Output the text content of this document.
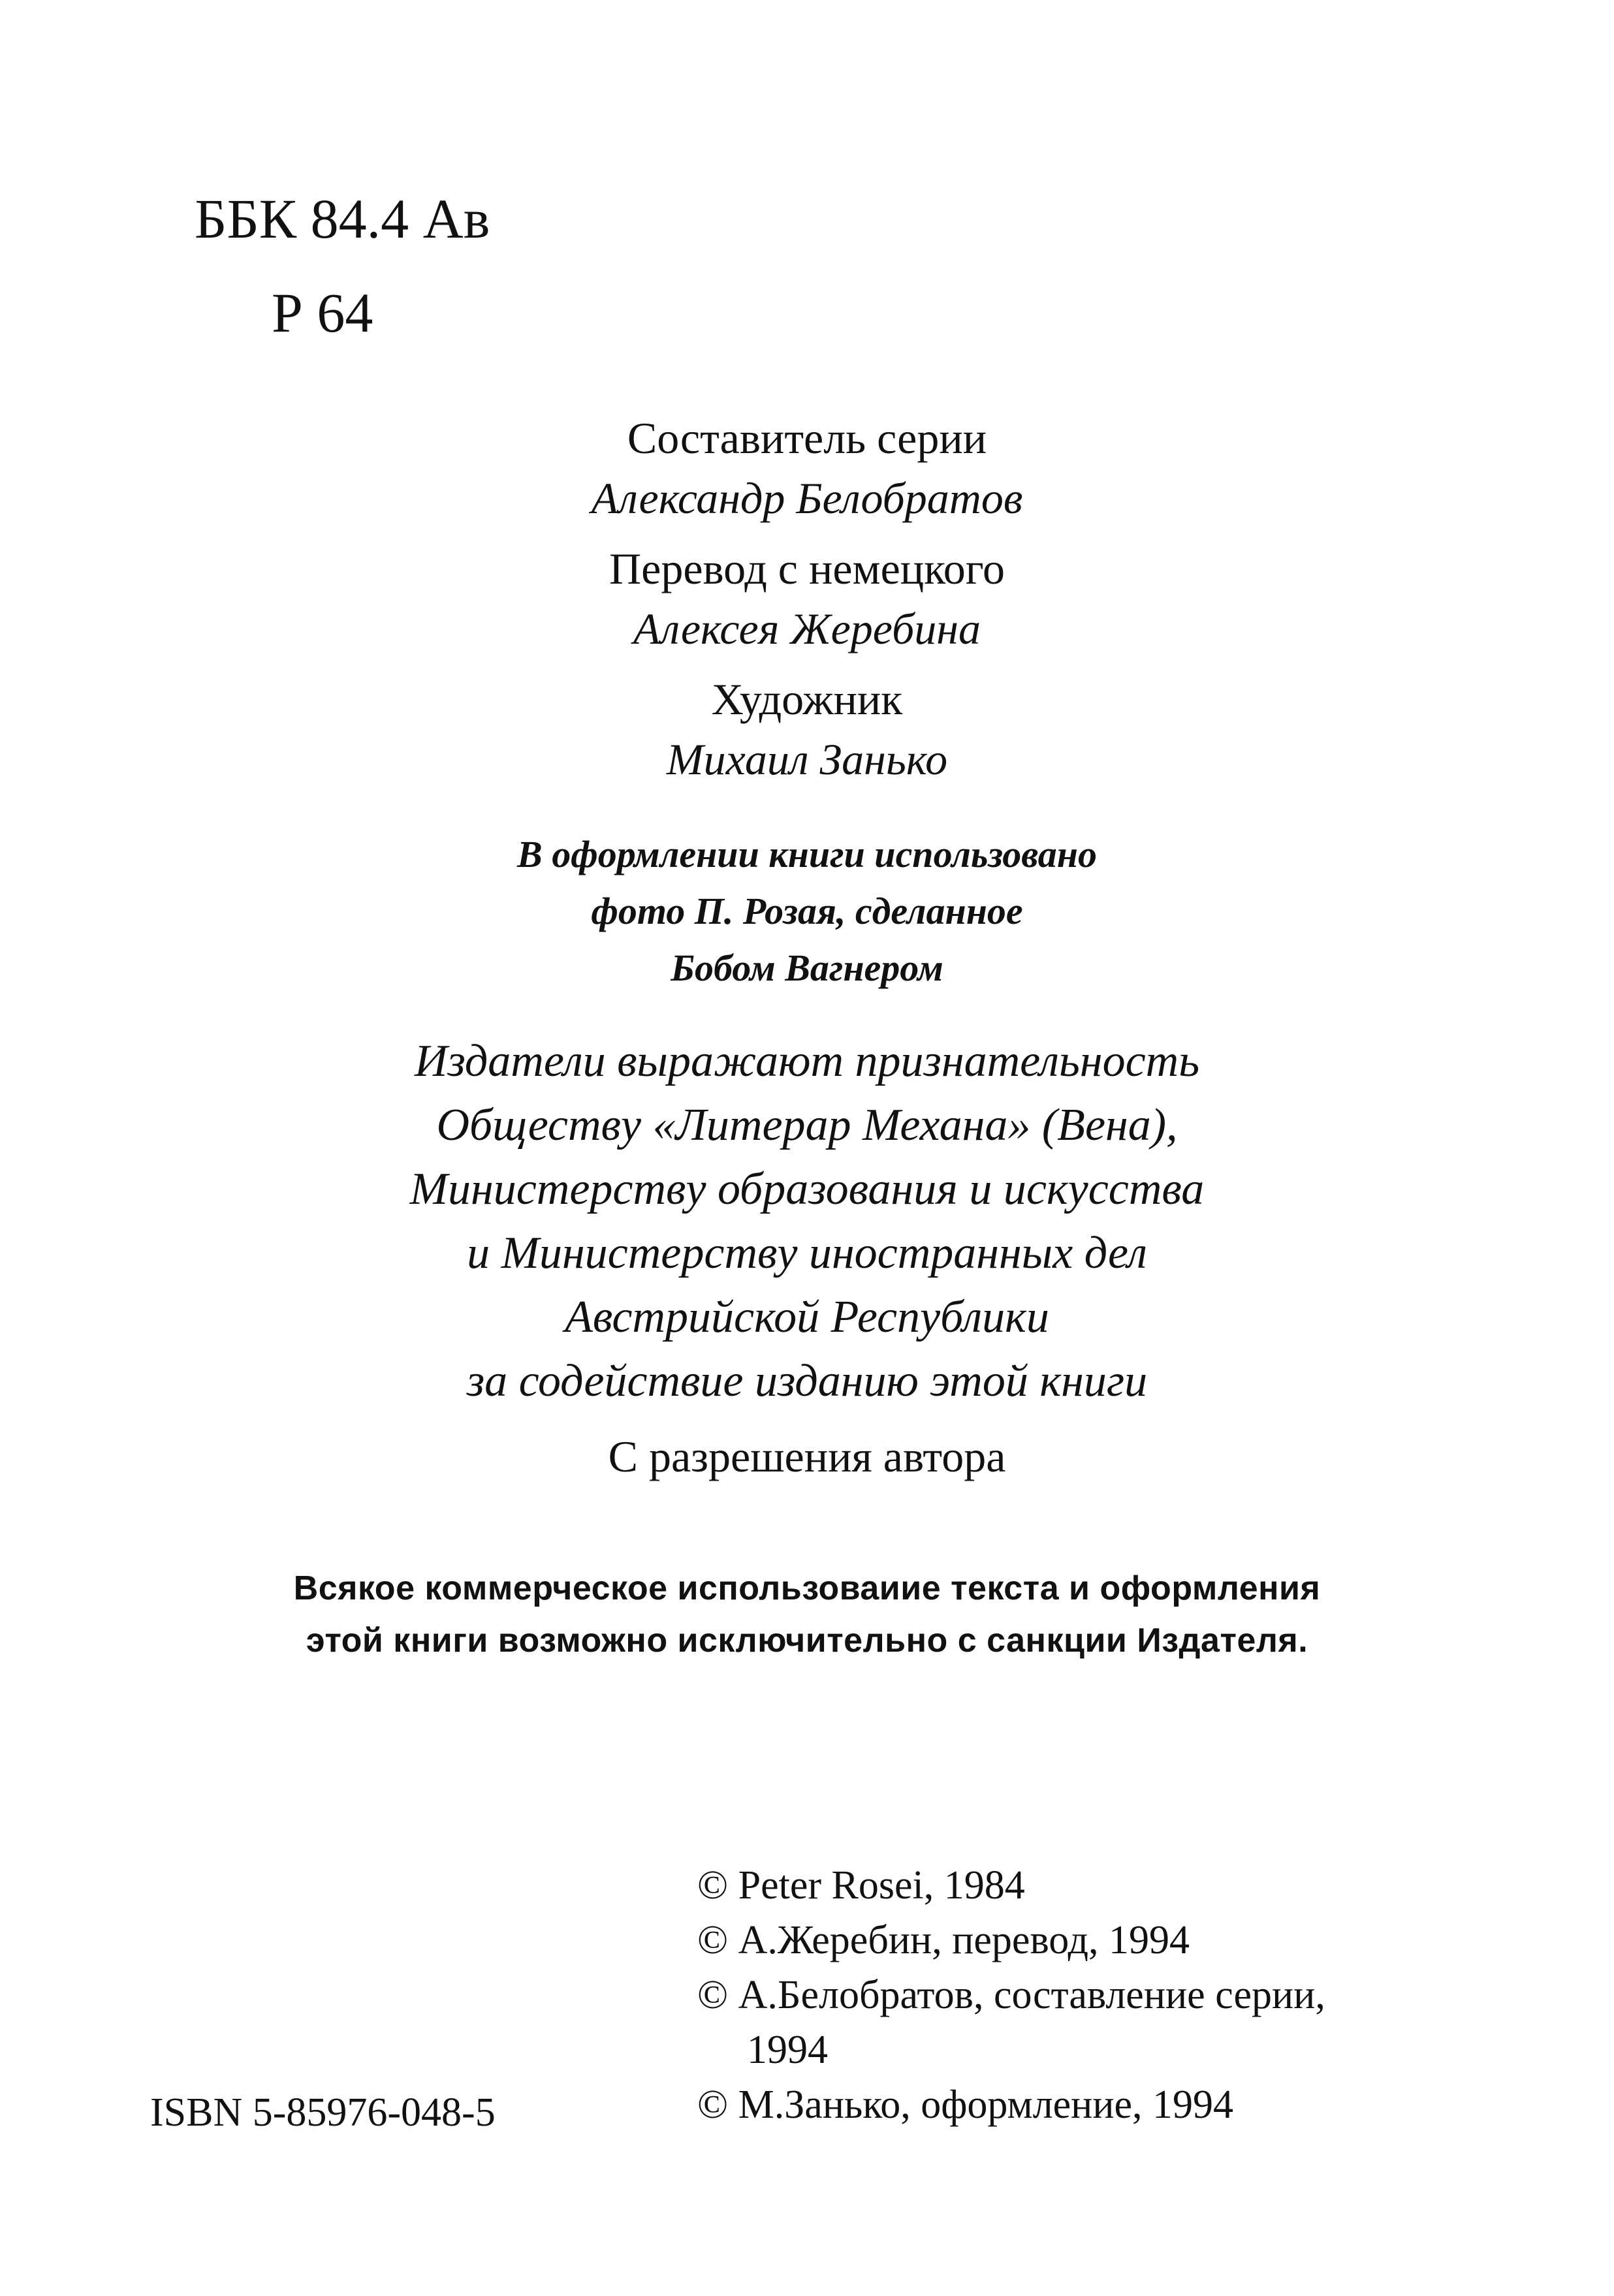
ББК 84.4 Ав
Р 64
Составитель серии
Александр Белобратов
Перевод с немецкого
Алексея Жеребина
Художник
Михаил Занько
В оформлении книги использовано
фото П. Розая, сделанное
Бобом Вагнером
Издатели выражают признательность
Обществу «Литерар Механа» (Вена),
Министерству образования и искусства
и Министерству иностранных дел
Австрийской Республики
за содействие изданию этой книги
С разрешения автора
Всякое коммерческое использоваиие текста и оформления
этой книги возможно исключительно с санкции Издателя.
© Peter Rosei, 1984
© А.Жеребин, перевод, 1994
© А.Белобратов, составление серии,
1994
© М.Занько, оформление, 1994
ISBN 5-85976-048-5
